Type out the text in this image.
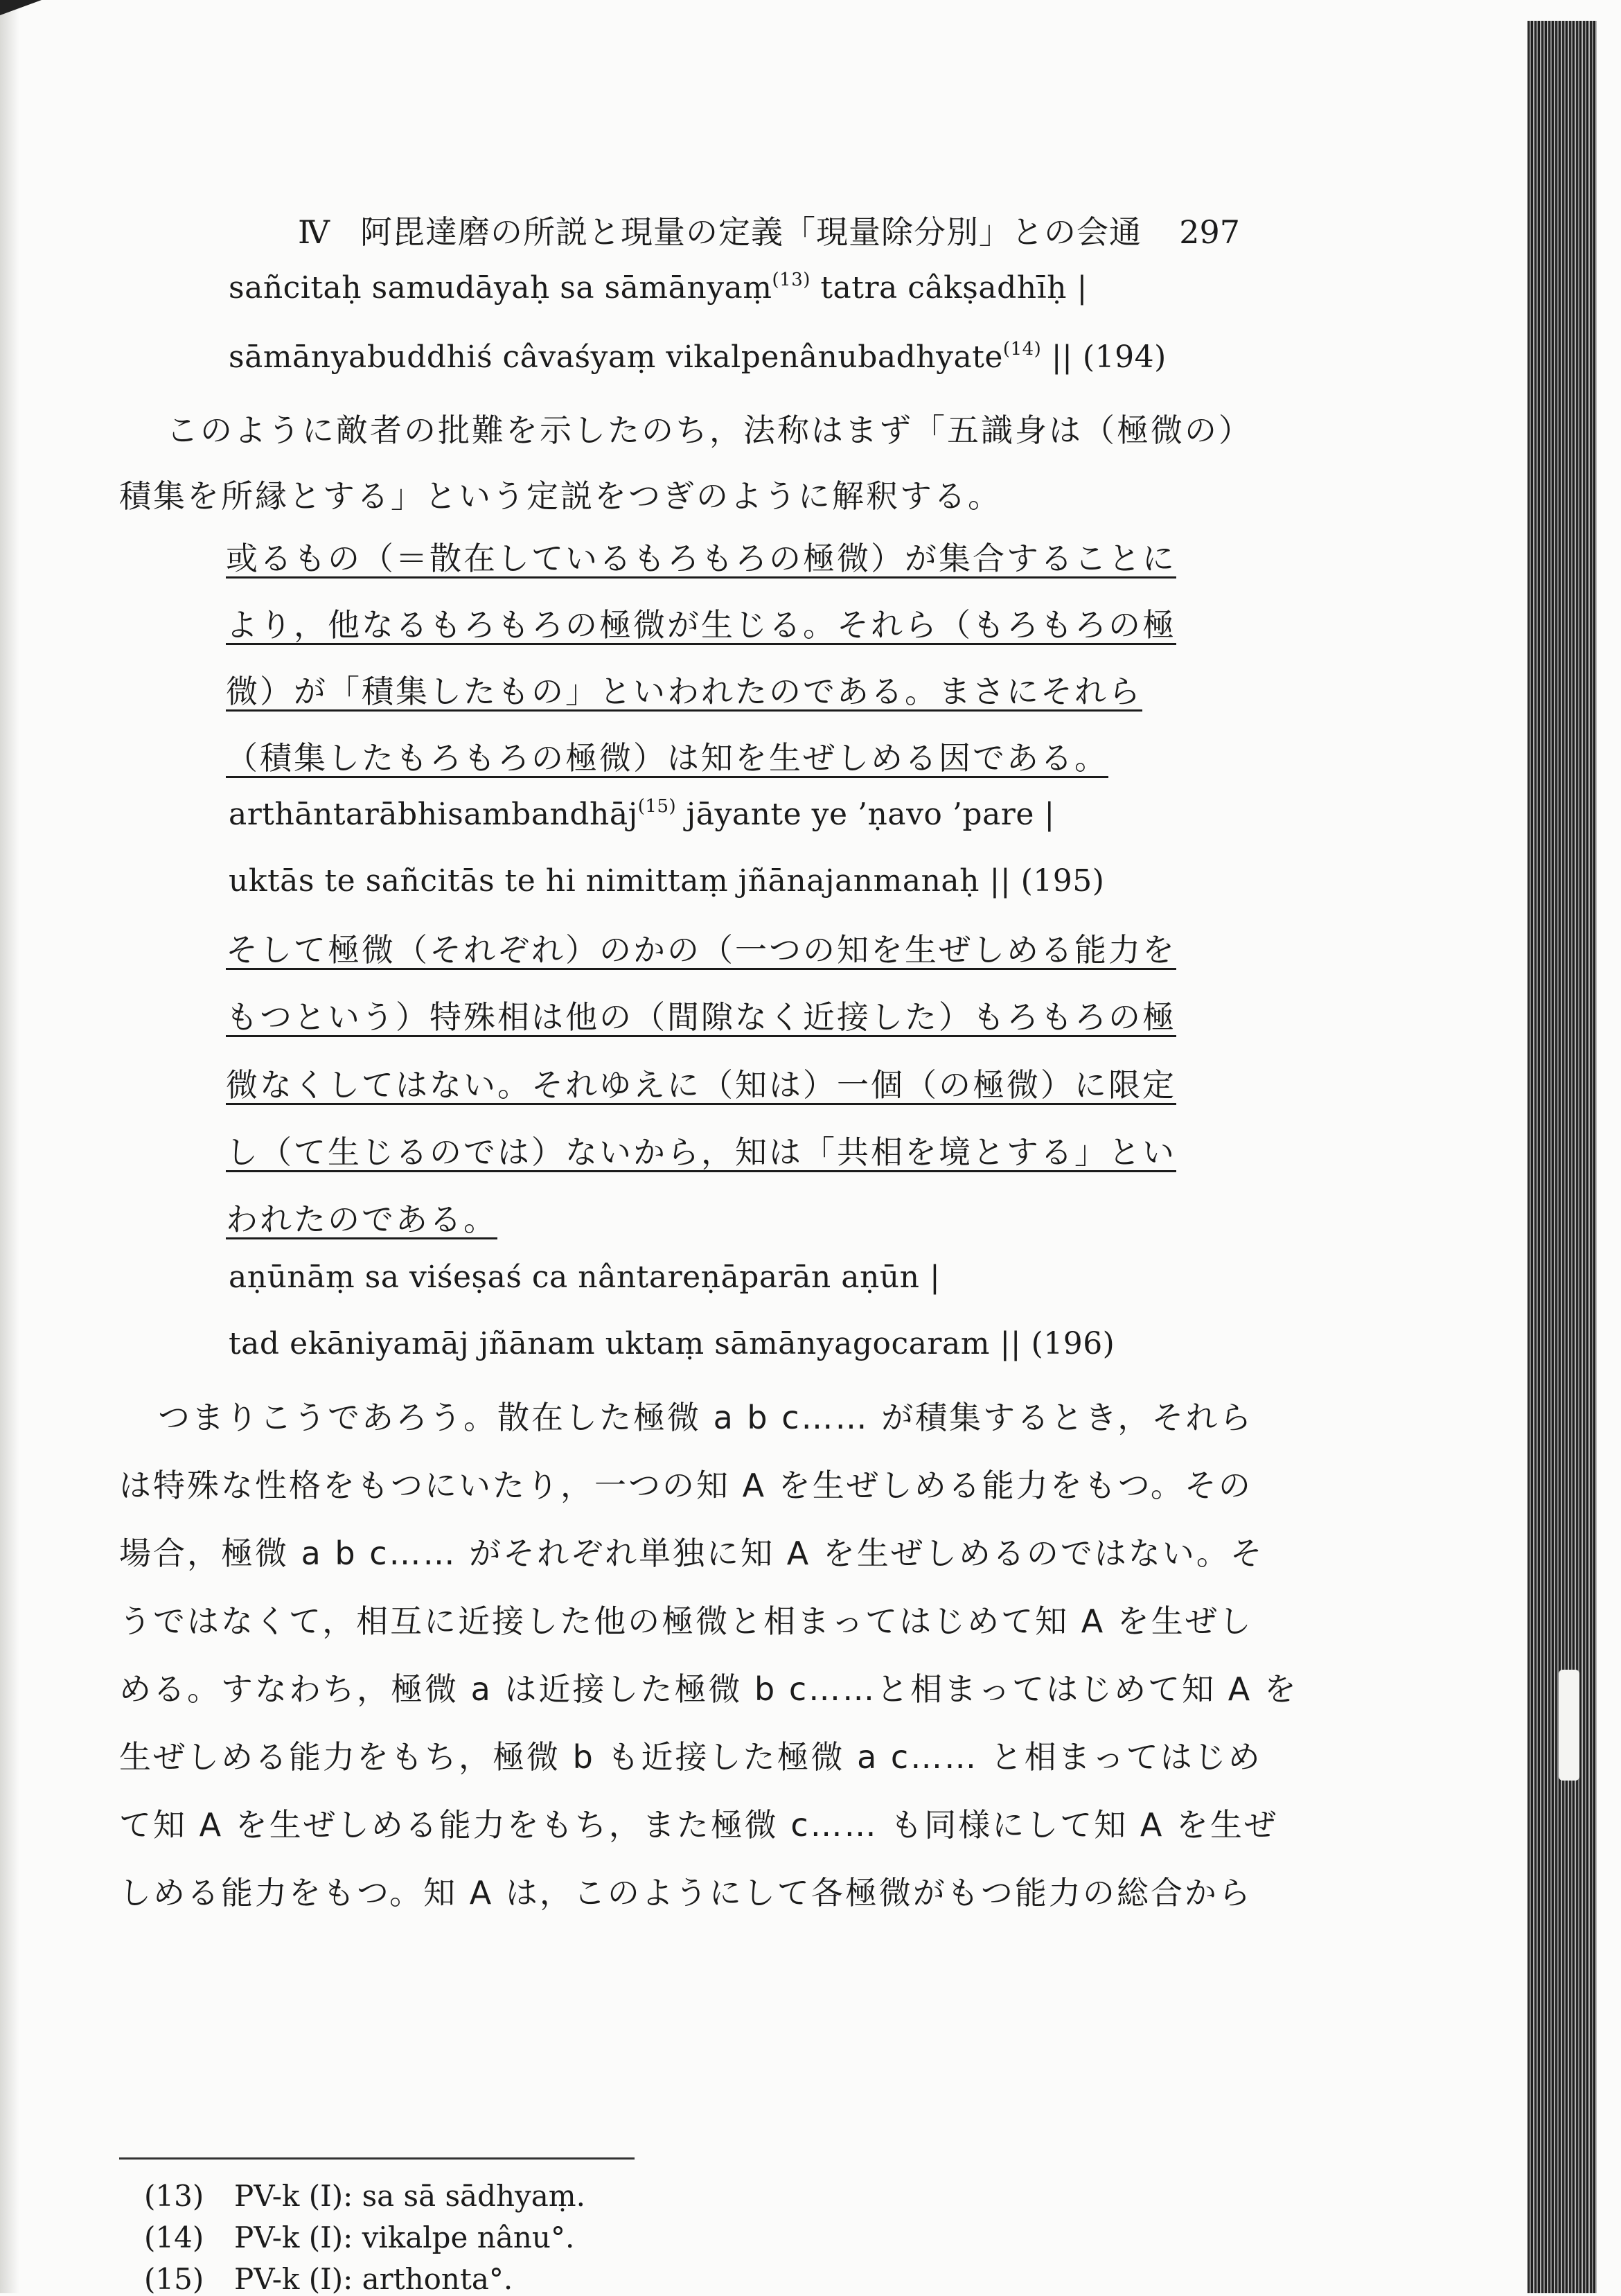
Ⅳ 阿毘達磨の所説と現量の定義「現量除分別」との会通 297
sañcitaḥ samudāyaḥ sa sāmānyaṃ$^{(13)}$ tatra câkṣadhīḥ |
sāmānyabuddhiś câvaśyaṃ vikalpenânubadhyate$^{(14)}$ || (194)
このように敵者の批難を示したのち，法称はまず「五識身は（極微の）
積集を所縁とする」という定説をつぎのように解釈する。
或るもの（＝散在しているもろもろの極微）が集合することに
より，他なるもろもろの極微が生じる。それら（もろもろの極
微）が「積集したもの」といわれたのである。まさにそれら
（積集したもろもろの極微）は知を生ぜしめる因である。
arthāntarābhisambandhāj$^{(15)}$ jāyante ye ’ṇavo ’pare |
uktās te sañcitās te hi nimittaṃ jñānajanmanaḥ || (195)
そして極微（それぞれ）のかの（一つの知を生ぜしめる能力を
もつという）特殊相は他の（間隙なく近接した）もろもろの極
微なくしてはない。それゆえに（知は）一個（の極微）に限定
し（て生じるのでは）ないから，知は「共相を境とする」とい
われたのである。
aṇūnāṃ sa viśeṣaś ca nântareṇāparān aṇūn |
tad ekāniyamāj jñānam uktaṃ sāmānyagocaram || (196)
つまりこうであろう。散在した極微 a b c…… が積集するとき，それら
は特殊な性格をもつにいたり，一つの知 A を生ぜしめる能力をもつ。その
場合，極微 a b c…… がそれぞれ単独に知 A を生ぜしめるのではない。そ
うではなくて，相互に近接した他の極微と相まってはじめて知 A を生ぜし
める。すなわち，極微 a は近接した極微 b c……と相まってはじめて知 A を
生ぜしめる能力をもち，極微 b も近接した極微 a c…… と相まってはじめ
て知 A を生ぜしめる能力をもち，また極微 c…… も同様にして知 A を生ぜ
しめる能力をもつ。知 A は，このようにして各極微がもつ能力の総合から
(13) PV-k (I): sa sā sādhyaṃ.
(14) PV-k (I): vikalpe nânu°.
(15) PV-k (I): arthonta°.
